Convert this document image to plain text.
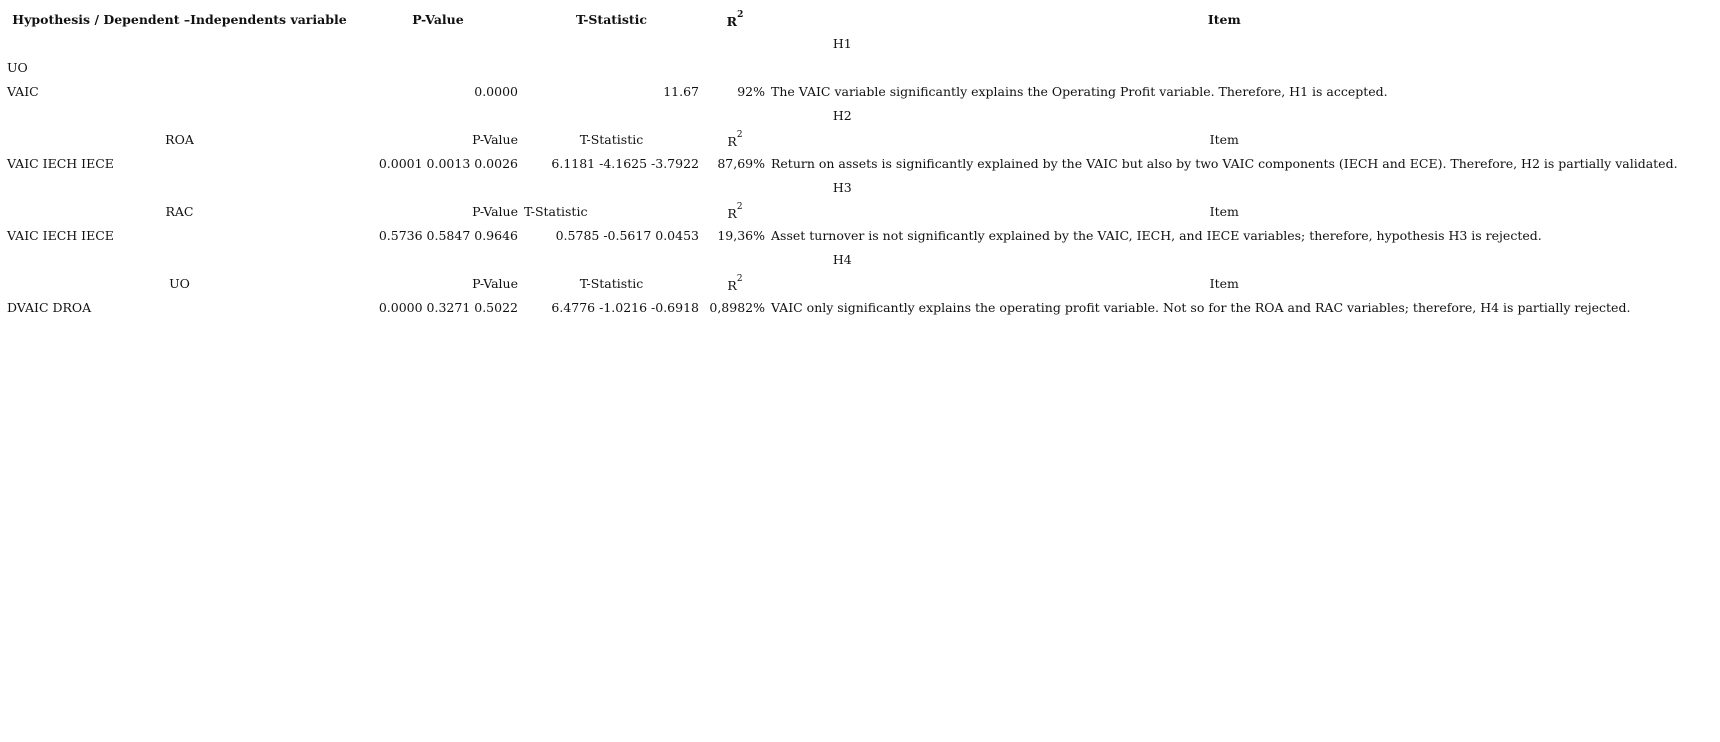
Hypothesis / Dependent –Independents variable	P-Value	T-Statistic	$R^2$	Item
H1				
UO				
VAIC	0.0000	11.67	92%	The VAIC variable significantly explains the Operating Profit variable. Therefore, H1 is accepted.
H2				
ROA	P-Value	T-Statistic	$R^2$	Item
VAIC IECH IECE	0.0001 0.0013 0.0026	6.1181 -4.1625 -3.7922	87,69%	Return on assets is significantly explained by the VAIC but also by two VAIC components (IECH and ECE). Therefore, H2 is partially validated.
H3				
RAC	P-Value	T-Statistic	$R^2$	Item
VAIC IECH IECE	0.5736 0.5847 0.9646	0.5785 -0.5617 0.0453	19,36%	Asset turnover is not significantly explained by the VAIC, IECH, and IECE variables; therefore, hypothesis H3 is rejected.
H4				
UO	P-Value	T-Statistic	$R^2$	Item
DVAIC DROA	0.0000 0.3271 0.5022	6.4776 -1.0216 -0.6918	0,8982%	VAIC only significantly explains the operating profit variable. Not so for the ROA and RAC variables; therefore, H4 is partially rejected.
